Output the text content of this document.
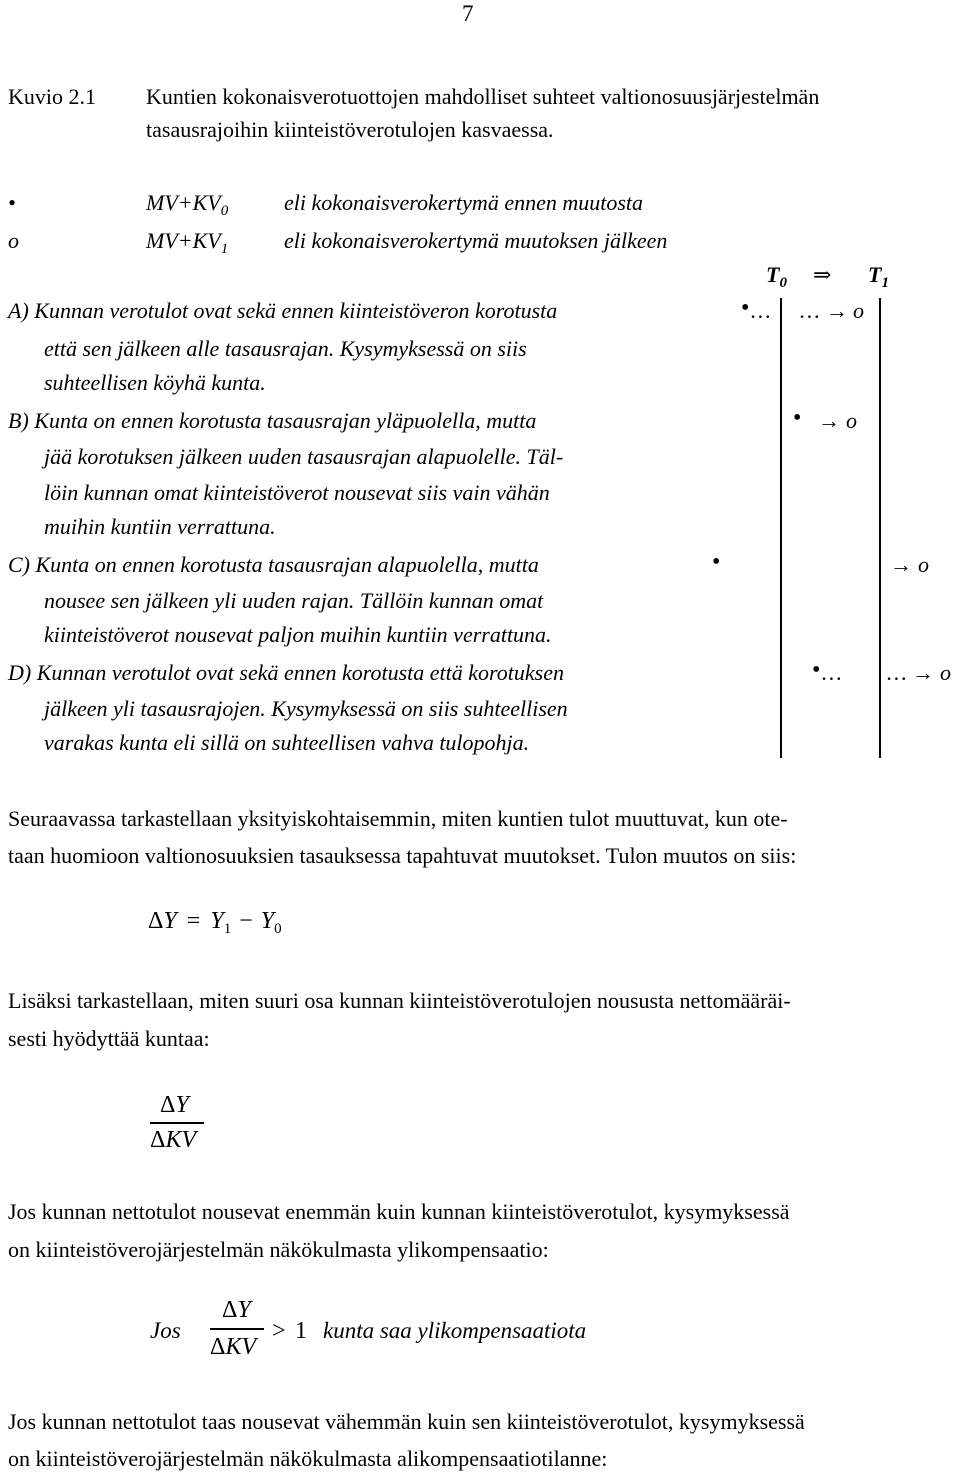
7
Kuvio 2.1 Kuntien kokonaisverotuottojen mahdolliset suhteet valtionosuusjärjestelmän
tasausrajoihin kiinteistöverotulojen kasvaessa.
•	$MV+KV_0$	eli kokonaisverokertymä ennen muutosta
o	$MV+KV_1$	eli kokonaisverokertymä muutoksen jälkeen
$T_0$ ⇒ $T_1$
A) Kunnan verotulot ovat sekä ennen kiinteistöveron korotusta
että sen jälkeen alle tasausrajan. Kysymyksessä on siis
suhteellisen köyhä kunta.
• … … → o
B) Kunta on ennen korotusta tasausrajan yläpuolella, mutta
jää korotuksen jälkeen uuden tasausrajan alapuolelle. Täl-
löin kunnan omat kiinteistöverot nousevat siis vain vähän
muihin kuntiin verrattuna.
• → o
C) Kunta on ennen korotusta tasausrajan alapuolella, mutta
nousee sen jälkeen yli uuden rajan. Tällöin kunnan omat
kiinteistöverot nousevat paljon muihin kuntiin verrattuna.
•	→ o
D) Kunnan verotulot ovat sekä ennen korotusta että korotuksen
jälkeen yli tasausrajojen. Kysymyksessä on siis suhteellisen
varakas kunta eli sillä on suhteellisen vahva tulopohja.
• … … → o
Seuraavassa tarkastellaan yksityiskohtaisemmin, miten kuntien tulot muuttuvat, kun ote-
taan huomioon valtionosuuksien tasauksessa tapahtuvat muutokset. Tulon muutos on siis:
$\Delta Y = Y_1 - Y_0$
Lisäksi tarkastellaan, miten suuri osa kunnan kiinteistöverotulojen noususta nettomääräi-
sesti hyödyttää kuntaa:
ΔY
ΔKV
Jos kunnan nettotulot nousevat enemmän kuin kunnan kiinteistöverotulot, kysymyksessä
on kiinteistöverojärjestelmän näkökulmasta ylikompensaatio:
Jos
ΔY
ΔKV
> 1 kunta saa ylikompensaatiota
Jos kunnan nettotulot taas nousevat vähemmän kuin sen kiinteistöverotulot, kysymyksessä
on kiinteistöverojärjestelmän näkökulmasta alikompensaatiotilanne:
